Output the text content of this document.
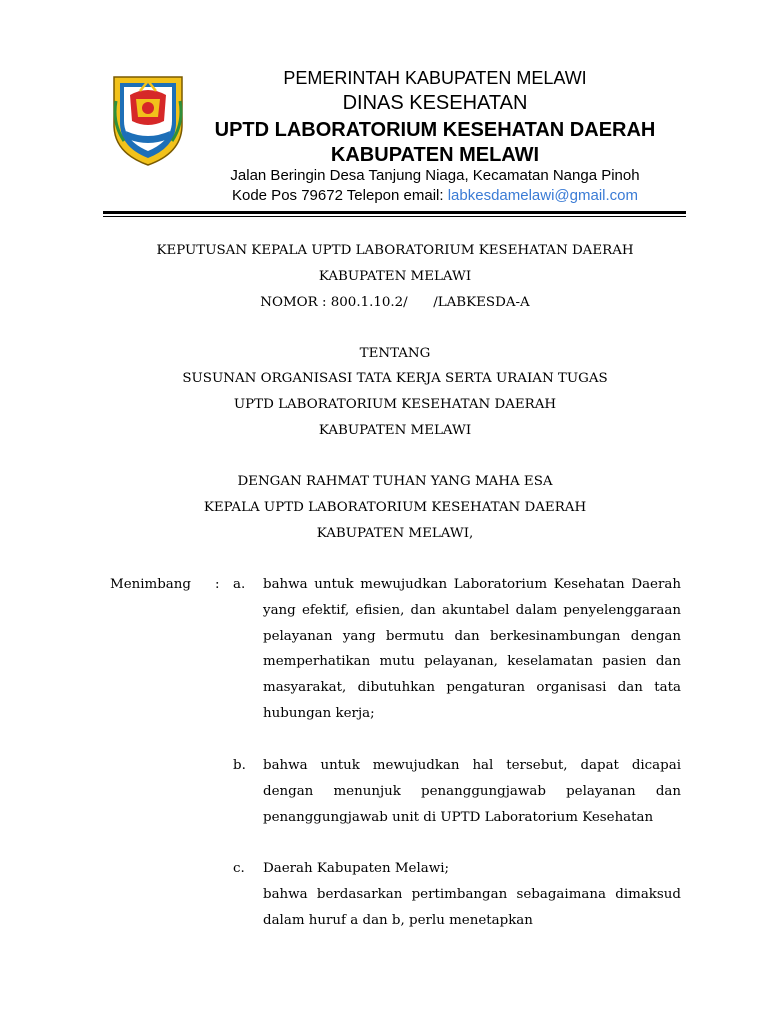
PEMERINTAH KABUPATEN MELAWI
DINAS KESEHATAN
UPTD LABORATORIUM KESEHATAN DAERAH
KABUPATEN MELAWI
Jalan Beringin Desa Tanjung Niaga, Kecamatan Nanga Pinoh
Kode Pos 79672 Telepon email: labkesdamelawi@gmail.com
KEPUTUSAN KEPALA UPTD LABORATORIUM KESEHATAN DAERAH
KABUPATEN MELAWI
NOMOR : 800.1.10.2/      /LABKESDA-A
TENTANG
SUSUNAN ORGANISASI TATA KERJA SERTA URAIAN TUGAS
UPTD LABORATORIUM KESEHATAN DAERAH
KABUPATEN MELAWI
DENGAN RAHMAT TUHAN YANG MAHA ESA
KEPALA UPTD LABORATORIUM KESEHATAN DAERAH
KABUPATEN MELAWI,
Menimbang : a. bahwa untuk mewujudkan Laboratorium Kesehatan Daerah yang efektif, efisien, dan akuntabel dalam penyelenggaraan pelayanan yang bermutu dan berkesinambungan dengan memperhatikan mutu pelayanan, keselamatan pasien dan masyarakat, dibutuhkan pengaturan organisasi dan tata hubungan kerja;

b. bahwa untuk mewujudkan hal tersebut, dapat dicapai dengan menunjuk penanggungjawab pelayanan dan penanggungjawab unit di UPTD Laboratorium Kesehatan

c. Daerah Kabupaten Melawi;

bahwa berdasarkan pertimbangan sebagaimana dimaksud dalam huruf a dan b, perlu menetapkan
